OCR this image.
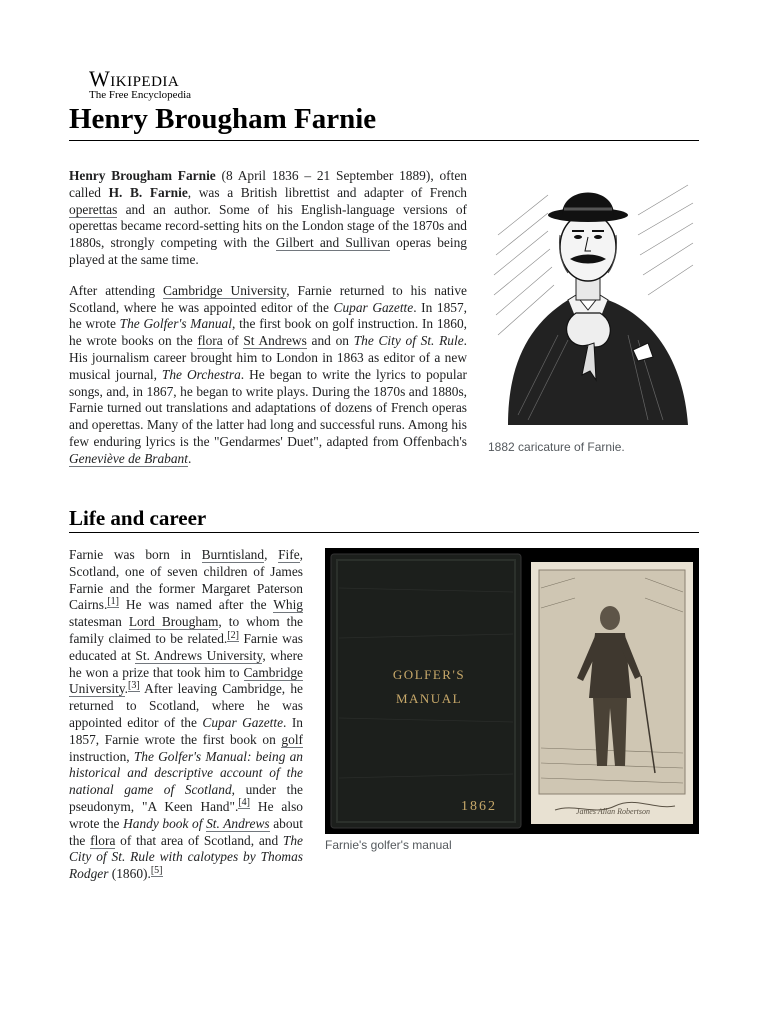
Wikipedia
The Free Encyclopedia
Henry Brougham Farnie

Henry Brougham Farnie (8 April 1836 – 21 September 1889), often called H. B. Farnie, was a British librettist and adapter of French operettas and an author. Some of his English-language versions of operettas became record-setting hits on the London stage of the 1870s and 1880s, strongly competing with the Gilbert and Sullivan operas being played at the same time.

After attending Cambridge University, Farnie returned to his native Scotland, where he was appointed editor of the Cupar Gazette. In 1857, he wrote The Golfer's Manual, the first book on golf instruction. In 1860, he wrote books on the flora of St Andrews and on The City of St. Rule. His journalism career brought him to London in 1863 as editor of a new musical journal, The Orchestra. He began to write the lyrics to popular songs, and, in 1867, he began to write plays. During the 1870s and 1880s, Farnie turned out translations and adaptations of dozens of French operas and operettas. Many of the latter had long and successful runs. Among his few enduring lyrics is the "Gendarmes' Duet", adapted from Offenbach's Geneviève de Brabant.

1882 caricature of Farnie.
Life and career
GOLFER'S
MANUAL
1862	James Allan Robertson
Farnie's golfer's manual

Farnie was born in Burntisland, Fife, Scotland, one of seven children of James Farnie and the former Margaret Paterson Cairns.[1] He was named after the Whig statesman Lord Brougham, to whom the family claimed to be related.[2] Farnie was educated at St. Andrews University, where he won a prize that took him to Cambridge University.[3] After leaving Cambridge, he returned to Scotland, where he was appointed editor of the Cupar Gazette. In 1857, Farnie wrote the first book on golf instruction, The Golfer's Manual: being an historical and descriptive account of the national game of Scotland, under the pseudonym, "A Keen Hand".[4] He also wrote the Handy book of St. Andrews about the flora of that area of Scotland, and The City of St. Rule with calotypes by Thomas Rodger (1860).[5]
